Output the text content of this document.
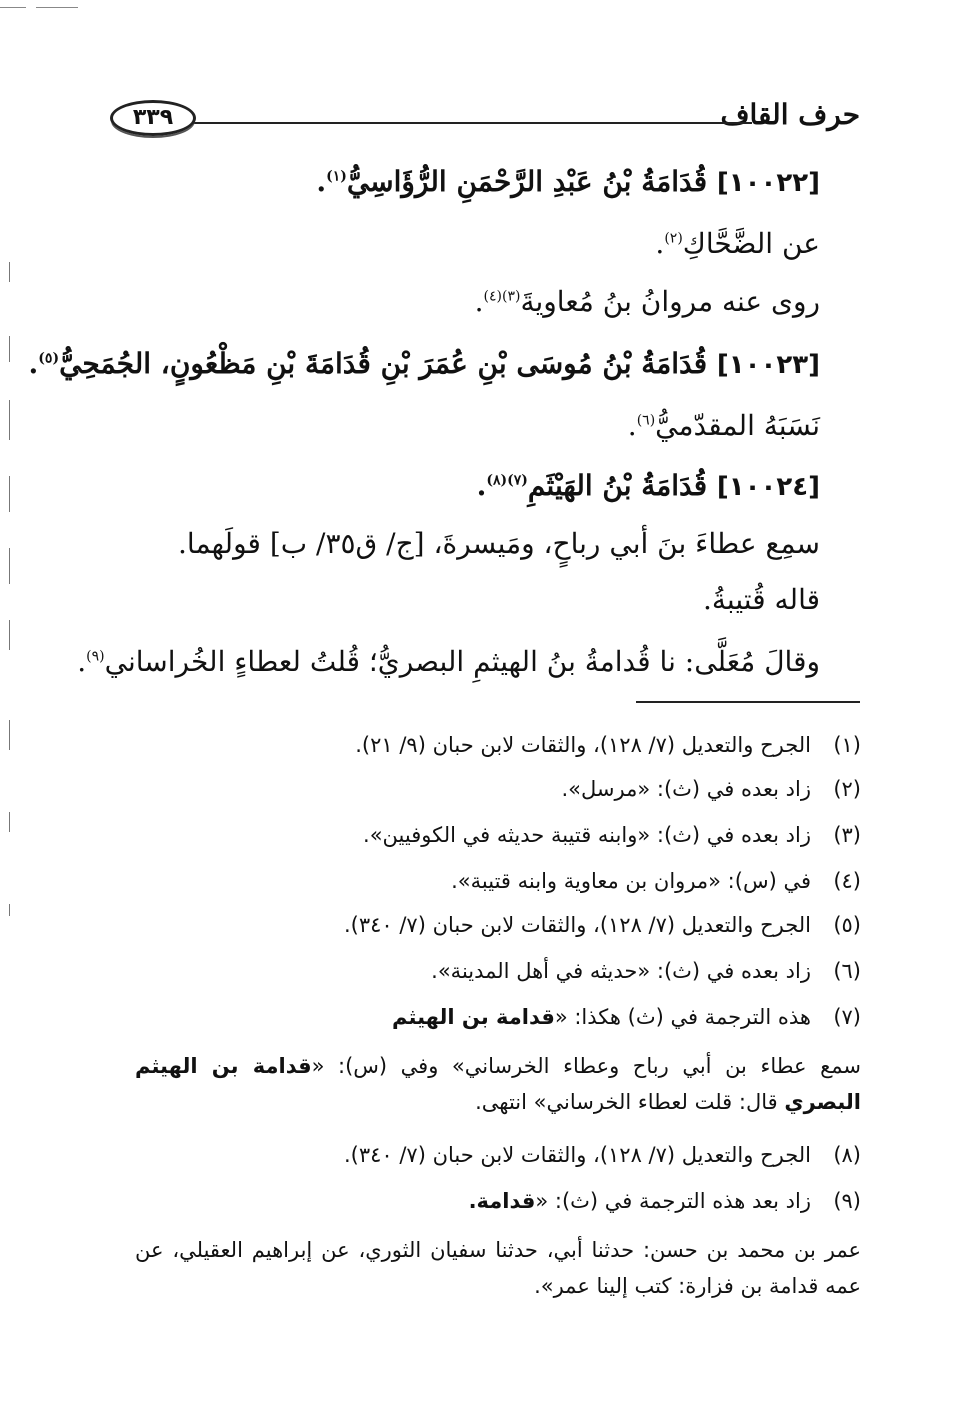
حرف القاف
٣٣٩
[١٠٠٢٢] قُدَامَةُ بْنُ عَبْدِ الرَّحْمَنِ الرُّؤَاسِيُّ$^{(١)}$.
عن الضَّحَّاكِ$^{(٢)}$.
روى عنه مروانُ بنُ مُعاويةَ$^{(٣)(٤)}$.
[١٠٠٢٣] قُدَامَةُ بْنُ مُوسَى بْنِ عُمَرَ بْنِ قُدَامَةَ بْنِ مَظْعُونٍ، الجُمَحِيُّ$^{(٥)}$.
نَسَبَهُ المقدّميُّ$^{(٦)}$.
[١٠٠٢٤] قُدَامَةُ بْنُ الهَيْثَمِ$^{(٧)(٨)}$.
سمِع عطاءَ بنَ أبي رباحٍ، ومَيسرةَ، [ج/ ق٣٥/ ب] قولَهما.
قاله قُتيبةُ.
وقالَ مُعَلَّى: نا قُدامةُ بنُ الهيثمِ البصريُّ؛ قُلتُ لعطاءٍ الخُراساني$^{(٩)}$.
(١)الجرح والتعديل (٧/ ١٢٨)، والثقات لابن حبان (٩/ ٢١).
(٢)زاد بعده في (ث): «مرسل».
(٣)زاد بعده في (ث): «وابنه قتيبة حديثه في الكوفيين».
(٤)في (س): «مروان بن معاوية وابنه قتيبة».
(٥)الجرح والتعديل (٧/ ١٢٨)، والثقات لابن حبان (٧/ ٣٤٠).
(٦)زاد بعده في (ث): «حديثه في أهل المدينة».
(٧)هذه الترجمة في (ث) هكذا: «قدامة بن الهيثم
سمع عطاء بن أبي رباح وعطاء الخرساني» وفي (س): «قدامة بن الهيثم البصري قال: قلت لعطاء الخرساني» انتهى.
(٨)الجرح والتعديل (٧/ ١٢٨)، والثقات لابن حبان (٧/ ٣٤٠).
(٩)زاد بعد هذه الترجمة في (ث): «قدامة.
عمر بن محمد بن حسن: حدثنا أبي، حدثنا سفيان الثوري، عن إبراهيم العقيلي، عن عمه قدامة بن فزارة: كتب إلينا عمر».
